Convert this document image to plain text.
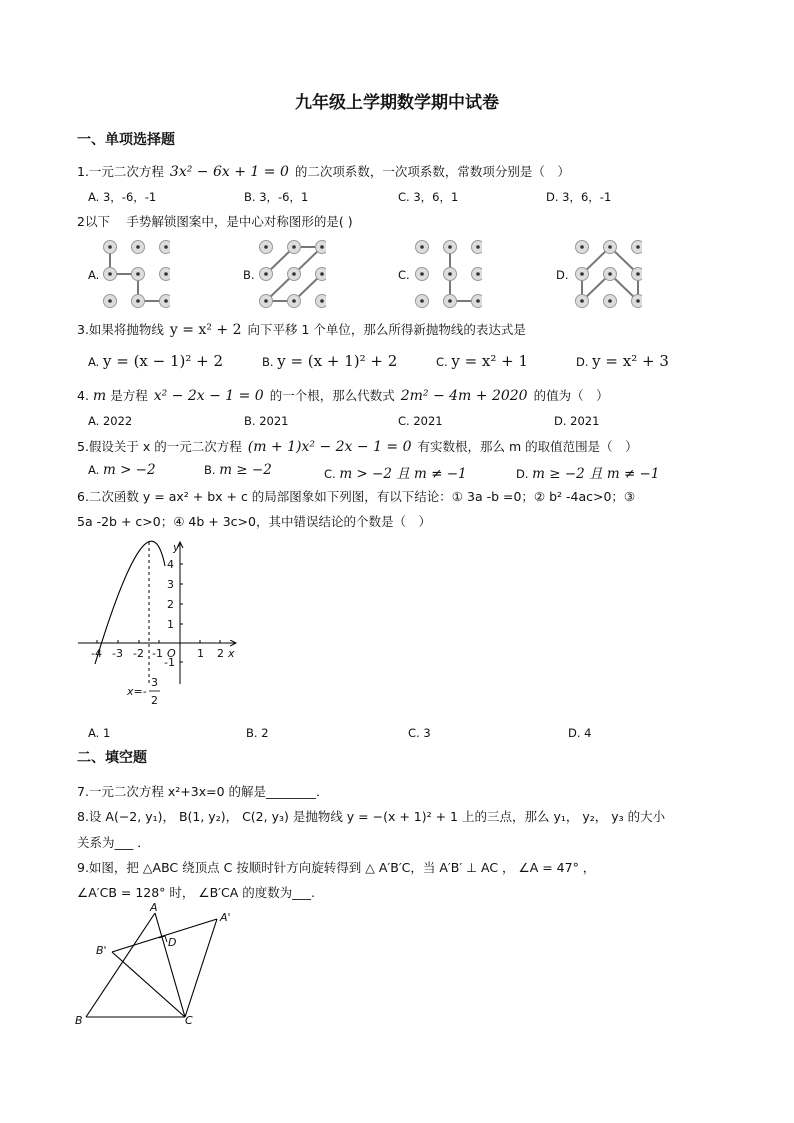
九年级上学期数学期中试卷
一、单项选择题
1.一元二次方程 3x² − 6x + 1 = 0 的二次项系数，一次项系数，常数项分别是（　）
A. 3，-6，-1	B. 3，-6，1	C. 3，6，1	D. 3，6，-1
2以下　 手势解锁图案中，是中心对称图形的是( )
A.	B.	C.	D.
3.如果将抛物线 y = x² + 2 向下平移 1 个单位，那么所得新抛物线的表达式是
A. y = (x − 1)² + 2	B. y = (x + 1)² + 2	C. y = x² + 1	D. y = x² + 3
4. m 是方程 x² − 2x − 1 = 0 的一个根，那么代数式 2m² − 4m + 2020 的值为（　）
A. 2022	B. 2021	C. 2021	D. 2021
5.假设关于 x 的一元二次方程 (m + 1)x² − 2x − 1 = 0 有实数根，那么 m 的取值范围是（　）
A. m > −2	B. m ≥ −2	C. m > −2 且 m ≠ −1	D. m ≥ −2 且 m ≠ −1
6.二次函数 y = ax² + bx + c 的局部图象如下列图，有以下结论：① 3a -b =0；② b² -4ac>0；③
5a -2b + c>0；④ 4b + 3c>0，其中错误结论的个数是（　）
y
x
O
-4 -3 -2 -1	1 2
4
3
2
1
-1
x=-
3
2
A. 1	B. 2	C. 3	D. 4
二、填空题
7.一元二次方程 x²+3x=0 的解是________．
8.设 A(−2, y₁)， B(1, y₂)， C(2, y₃) 是抛物线 y = −(x + 1)² + 1 上的三点，那么 y₁， y₂， y₃ 的大小
关系为___ ．
9.如图，把 △ABC 绕顶点 C 按顺时针方向旋转得到 △ A′B′C，当 A′B′ ⊥ AC ， ∠A = 47° ，
∠A′CB = 128° 时， ∠B′CA 的度数为___.
A
A'
B
B'
C
D
